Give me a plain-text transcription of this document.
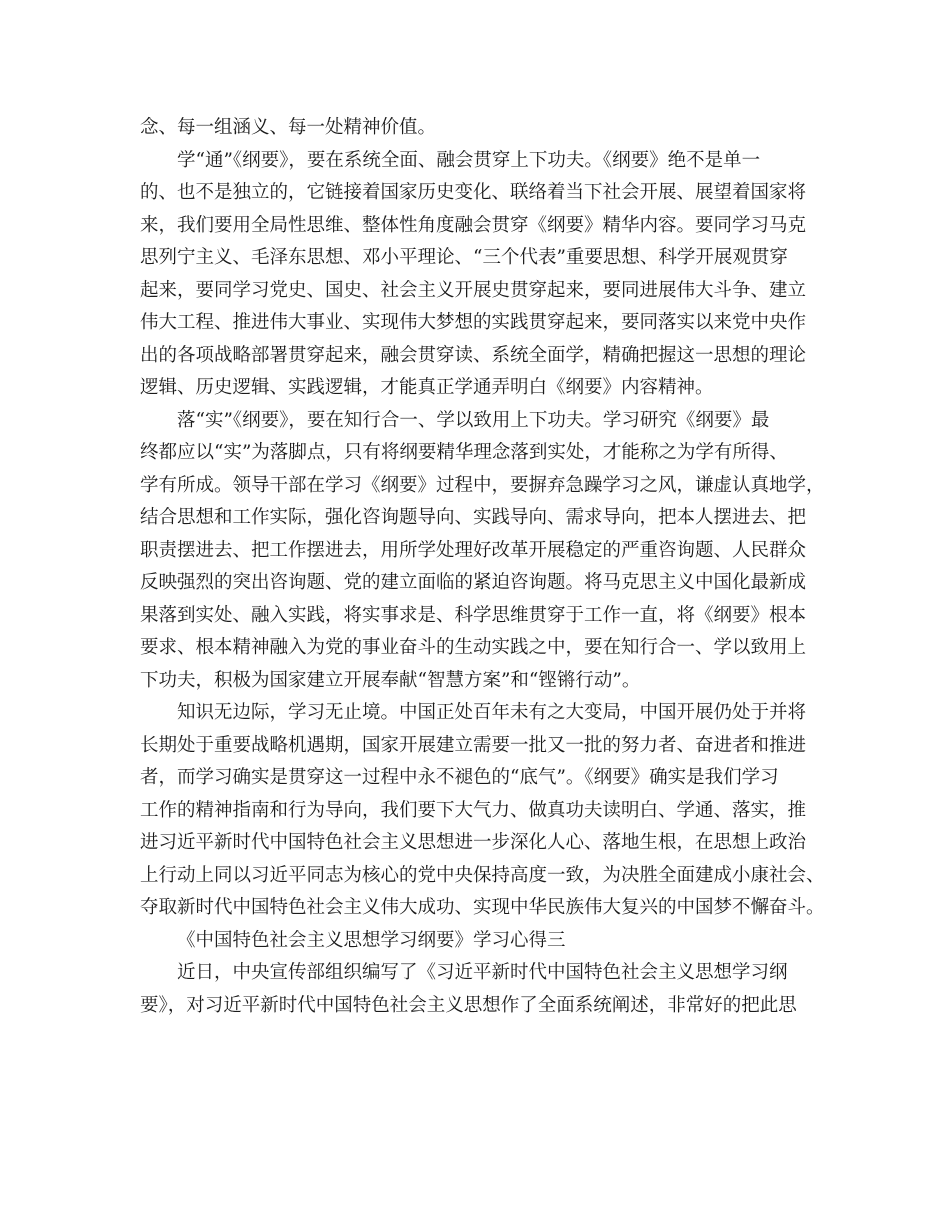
念、每一组涵义、每一处精神价值。
学“通”《纲要》，要在系统全面、融会贯穿上下功夫。《纲要》绝不是单一
的、也不是独立的，它链接着国家历史变化、联络着当下社会开展、展望着国家将
来，我们要用全局性思维、整体性角度融会贯穿《纲要》精华内容。要同学习马克
思列宁主义、毛泽东思想、邓小平理论、“三个代表”重要思想、科学开展观贯穿
起来，要同学习党史、国史、社会主义开展史贯穿起来，要同进展伟大斗争、建立
伟大工程、推进伟大事业、实现伟大梦想的实践贯穿起来，要同落实以来党中央作
出的各项战略部署贯穿起来，融会贯穿读、系统全面学，精确把握这一思想的理论
逻辑、历史逻辑、实践逻辑，才能真正学通弄明白《纲要》内容精神。
落“实”《纲要》，要在知行合一、学以致用上下功夫。学习研究《纲要》最
终都应以“实”为落脚点，只有将纲要精华理念落到实处，才能称之为学有所得、
学有所成。领导干部在学习《纲要》过程中，要摒弃急躁学习之风，谦虚认真地学，
结合思想和工作实际，强化咨询题导向、实践导向、需求导向，把本人摆进去、把
职责摆进去、把工作摆进去，用所学处理好改革开展稳定的严重咨询题、人民群众
反映强烈的突出咨询题、党的建立面临的紧迫咨询题。将马克思主义中国化最新成
果落到实处、融入实践，将实事求是、科学思维贯穿于工作一直，将《纲要》根本
要求、根本精神融入为党的事业奋斗的生动实践之中，要在知行合一、学以致用上
下功夫，积极为国家建立开展奉献“智慧方案”和“铿锵行动”。
知识无边际，学习无止境。中国正处百年未有之大变局，中国开展仍处于并将
长期处于重要战略机遇期，国家开展建立需要一批又一批的努力者、奋进者和推进
者，而学习确实是贯穿这一过程中永不褪色的“底气”。《纲要》确实是我们学习
工作的精神指南和行为导向，我们要下大气力、做真功夫读明白、学通、落实，推
进习近平新时代中国特色社会主义思想进一步深化人心、落地生根，在思想上政治
上行动上同以习近平同志为核心的党中央保持高度一致，为决胜全面建成小康社会、
夺取新时代中国特色社会主义伟大成功、实现中华民族伟大复兴的中国梦不懈奋斗。
《中国特色社会主义思想学习纲要》学习心得三
近日，中央宣传部组织编写了《习近平新时代中国特色社会主义思想学习纲
要》，对习近平新时代中国特色社会主义思想作了全面系统阐述，非常好的把此思
